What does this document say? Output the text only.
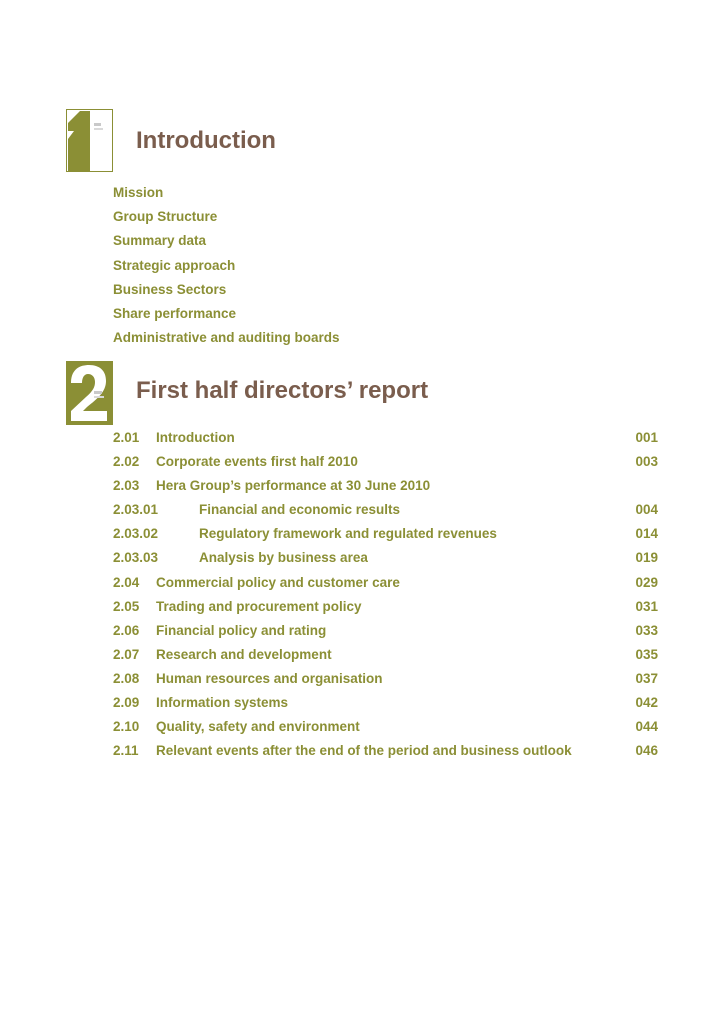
Introduction
Mission
Group Structure
Summary data
Strategic approach
Business Sectors
Share performance
Administrative and auditing boards
First half directors’ report
2.01 Introduction	001
2.02 Corporate events first half 2010	003
2.03 Hera Group’s performance at 30 June 2010
2.03.01	Financial and economic results	004
2.03.02	Regulatory framework and regulated revenues	014
2.03.03	Analysis by business area	019
2.04 Commercial policy and customer care	029
2.05 Trading and procurement policy	031
2.06 Financial policy and rating	033
2.07 Research and development	035
2.08 Human resources and organisation	037
2.09 Information systems	042
2.10 Quality, safety and environment	044
2.11 Relevant events after the end of the period and business outlook	046
